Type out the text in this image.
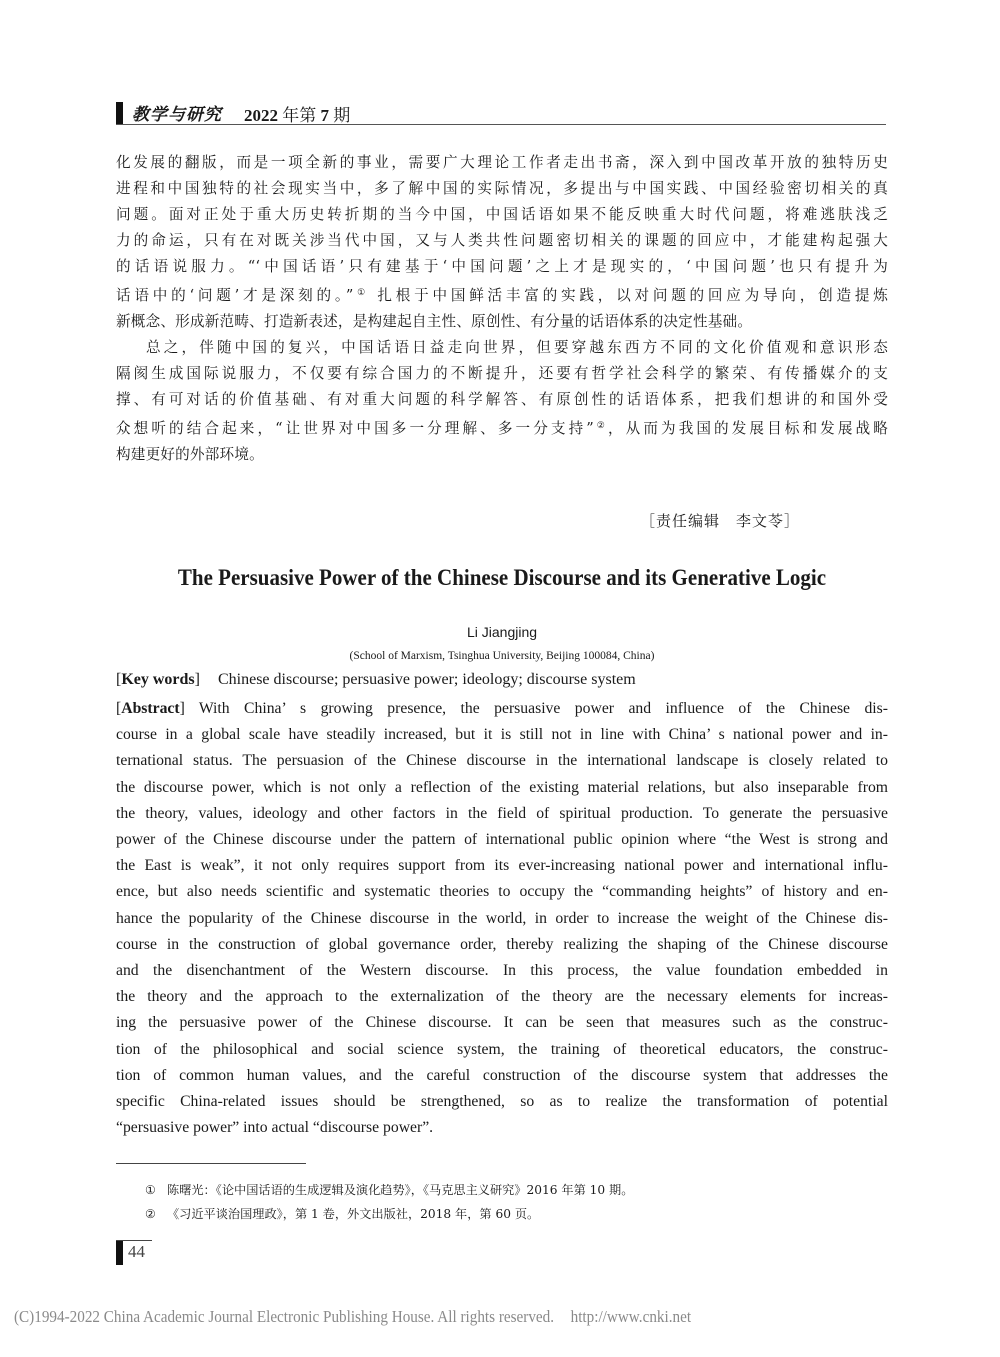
教学与研究 2022 年第 7 期

化发展的翻版，而是一项全新的事业，需要广大理论工作者走出书斋，深入到中国改革开放的独特历史
进程和中国独特的社会现实当中，多了解中国的实际情况，多提出与中国实践、中国经验密切相关的真
问题。面对正处于重大历史转折期的当今中国，中国话语如果不能反映重大时代问题，将难逃肤浅乏
力的命运，只有在对既关涉当代中国，又与人类共性问题密切相关的课题的回应中，才能建构起强大
的话语说服力。“‘中国话语’只有建基于‘中国问题’之上才是现实的，‘中国问题’也只有提升为
话语中的‘问题’才是深刻的。”① 扎根于中国鲜活丰富的实践，以对问题的回应为导向，创造提炼
新概念、形成新范畴、打造新表述，是构建起自主性、原创性、有分量的话语体系的决定性基础。

总之，伴随中国的复兴，中国话语日益走向世界，但要穿越东西方不同的文化价值观和意识形态
隔阂生成国际说服力，不仅要有综合国力的不断提升，还要有哲学社会科学的繁荣、有传播媒介的支
撑、有可对话的价值基础、有对重大问题的科学解答、有原创性的话语体系，把我们想讲的和国外受
众想听的结合起来，“让世界对中国多一分理解、多一分支持”②，从而为我国的发展目标和发展战略
构建更好的外部环境。

［责任编辑　李文苓］
The Persuasive Power of the Chinese Discourse and its Generative Logic
Li Jiangjing
(School of Marxism, Tsinghua University, Beijing 100084, China)
[Key words] Chinese discourse; persuasive power; ideology; discourse system
[Abstract] With China’ s growing presence, the persuasive power and influence of the Chinese dis-
course in a global scale have steadily increased, but it is still not in line with China’ s national power and in-
ternational status. The persuasion of the Chinese discourse in the international landscape is closely related to
the discourse power, which is not only a reflection of the existing material relations, but also inseparable from
the theory, values, ideology and other factors in the field of spiritual production. To generate the persuasive
power of the Chinese discourse under the pattern of international public opinion where “the West is strong and
the East is weak”, it not only requires support from its ever-increasing national power and international influ-
ence, but also needs scientific and systematic theories to occupy the “commanding heights” of history and en-
hance the popularity of the Chinese discourse in the world, in order to increase the weight of the Chinese dis-
course in the construction of global governance order, thereby realizing the shaping of the Chinese discourse
and the disenchantment of the Western discourse. In this process, the value foundation embedded in
the theory and the approach to the externalization of the theory are the necessary elements for increas-
ing the persuasive power of the Chinese discourse. It can be seen that measures such as the construc-
tion of the philosophical and social science system, the training of theoretical educators, the construc-
tion of common human values, and the careful construction of the discourse system that addresses the
specific China-related issues should be strengthened, so as to realize the transformation of potential
“persuasive power” into actual “discourse power”.
① 陈曙光：《论中国话语的生成逻辑及演化趋势》，《马克思主义研究》2016 年第 10 期。
② 《习近平谈治国理政》，第 1 卷，外文出版社，2018 年，第 60 页。
44
(C)1994-2022 China Academic Journal Electronic Publishing House. All rights reserved. http://www.cnki.net
